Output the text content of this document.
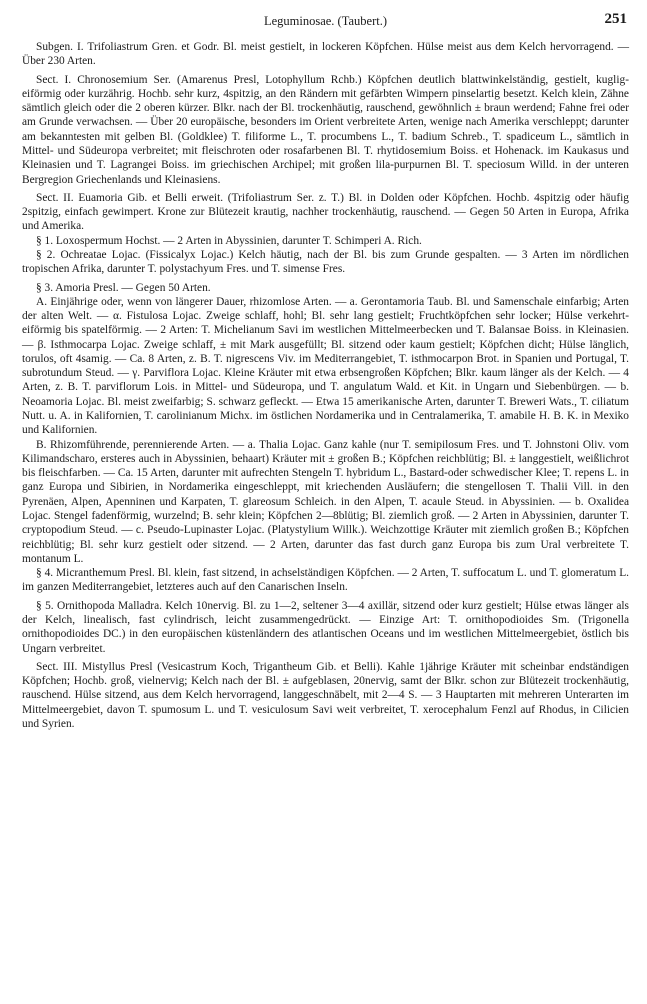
Leguminosae. (Taubert.)	251

Subgen. I. Trifoliastrum Gren. et Godr. Bl. meist gestielt, in lockeren Köpfchen. Hülse meist aus dem Kelch hervorragend. — Über 230 Arten.

Sect. I. Chronosemium Ser. (Amarenus Presl, Lotophyllum Rchb.) Köpfchen deutlich blattwinkelständig, gestielt, kuglig-eiförmig oder kurzährig. Hochb. sehr kurz, 4spitzig, an den Rändern mit gefärbten Wimpern pinselartig besetzt. Kelch klein, Zähne sämtlich gleich oder die 2 oberen kürzer. Blkr. nach der Bl. trockenhäutig, rauschend, gewöhnlich ± braun werdend; Fahne frei oder am Grunde verwachsen. — Über 20 europäische, besonders im Orient verbreitete Arten, wenige nach Amerika verschleppt; darunter am bekanntesten mit gelben Bl. (Goldklee) T. filiforme L., T. procumbens L., T. badium Schreb., T. spadiceum L., sämtlich in Mittel- und Südeuropa verbreitet; mit fleischroten oder rosafarbenen Bl. T. rhytidosemium Boiss. et Hohenack. im Kaukasus und Kleinasien und T. Lagrangei Boiss. im griechischen Archipel; mit großen lila-purpurnen Bl. T. speciosum Willd. in der unteren Bergregion Griechenlands und Kleinasiens.

Sect. II. Euamoria Gib. et Belli erweit. (Trifoliastrum Ser. z. T.) Bl. in Dolden oder Köpfchen. Hochb. 4spitzig oder häufig 2spitzig, einfach gewimpert. Krone zur Blütezeit krautig, nachher trockenhäutig, rauschend. — Gegen 50 Arten in Europa, Afrika und Amerika.

§ 1. Loxospermum Hochst. — 2 Arten in Abyssinien, darunter T. Schimperi A. Rich.

§ 2. Ochreatae Lojac. (Fissicalyx Lojac.) Kelch häutig, nach der Bl. bis zum Grunde gespalten. — 3 Arten im nördlichen tropischen Afrika, darunter T. polystachyum Fres. und T. simense Fres.

§ 3. Amoria Presl. — Gegen 50 Arten.

A. Einjährige oder, wenn von längerer Dauer, rhizomlose Arten. — a. Gerontamoria Taub. Bl. und Samenschale einfarbig; Arten der alten Welt. — α. Fistulosa Lojac. Zweige schlaff, hohl; Bl. sehr lang gestielt; Fruchtköpfchen sehr locker; Hülse verkehrt-eiförmig bis spatelförmig. — 2 Arten: T. Michelianum Savi im westlichen Mittelmeerbecken und T. Balansae Boiss. in Kleinasien. — β. Isthmocarpa Lojac. Zweige schlaff, ± mit Mark ausgefüllt; Bl. sitzend oder kaum gestielt; Köpfchen dicht; Hülse länglich, torulos, oft 4samig. — Ca. 8 Arten, z. B. T. nigrescens Viv. im Mediterrangebiet, T. isthmocarpon Brot. in Spanien und Portugal, T. subrotundum Steud. — γ. Parviflora Lojac. Kleine Kräuter mit etwa erbsengroßen Köpfchen; Blkr. kaum länger als der Kelch. — 4 Arten, z. B. T. parviflorum Lois. in Mittel- und Südeuropa, und T. angulatum Wald. et Kit. in Ungarn und Siebenbürgen. — b. Neoamoria Lojac. Bl. meist zweifarbig; S. schwarz gefleckt. — Etwa 15 amerikanische Arten, darunter T. Breweri Wats., T. ciliatum Nutt. u. A. in Kalifornien, T. carolinianum Michx. im östlichen Nordamerika und in Centralamerika, T. amabile H. B. K. in Mexiko und Kalifornien.

B. Rhizomführende, perennierende Arten. — a. Thalia Lojac. Ganz kahle (nur T. semipilosum Fres. und T. Johnstoni Oliv. vom Kilimandscharo, ersteres auch in Abyssinien, behaart) Kräuter mit ± großen B.; Köpfchen reichblütig; Bl. ± langgestielt, weißlichrot bis fleischfarben. — Ca. 15 Arten, darunter mit aufrechten Stengeln T. hybridum L., Bastard-oder schwedischer Klee; T. repens L. in ganz Europa und Sibirien, in Nordamerika eingeschleppt, mit kriechenden Ausläufern; die stengellosen T. Thalii Vill. in den Pyrenäen, Alpen, Apenninen und Karpaten, T. glareosum Schleich. in den Alpen, T. acaule Steud. in Abyssinien. — b. Oxalidea Lojac. Stengel fadenförmig, wurzelnd; B. sehr klein; Köpfchen 2—8blütig; Bl. ziemlich groß. — 2 Arten in Abyssinien, darunter T. cryptopodium Steud. — c. Pseudo-Lupinaster Lojac. (Platystylium Willk.). Weichzottige Kräuter mit ziemlich großen B.; Köpfchen reichblütig; Bl. sehr kurz gestielt oder sitzend. — 2 Arten, darunter das fast durch ganz Europa bis zum Ural verbreitete T. montanum L.

§ 4. Micranthemum Presl. Bl. klein, fast sitzend, in achselständigen Köpfchen. — 2 Arten, T. suffocatum L. und T. glomeratum L. im ganzen Mediterrangebiet, letzteres auch auf den Canarischen Inseln.

§ 5. Ornithopoda Malladra. Kelch 10nervig. Bl. zu 1—2, seltener 3—4 axillär, sitzend oder kurz gestielt; Hülse etwas länger als der Kelch, linealisch, fast cylindrisch, leicht zusammengedrückt. — Einzige Art: T. ornithopodioides Sm. (Trigonella ornithopodioides DC.) in den europäischen küstenländern des atlantischen Oceans und im westlichen Mittelmeergebiet, östlich bis Ungarn verbreitet.

Sect. III. Mistyllus Presl (Vesicastrum Koch, Trigantheum Gib. et Belli). Kahle 1jährige Kräuter mit scheinbar endständigen Köpfchen; Hochb. groß, vielnervig; Kelch nach der Bl. ± aufgeblasen, 20nervig, samt der Blkr. schon zur Blütezeit trockenhäutig, rauschend. Hülse sitzend, aus dem Kelch hervorragend, langgeschnäbelt, mit 2—4 S. — 3 Hauptarten mit mehreren Unterarten im Mittelmeergebiet, davon T. spumosum L. und T. vesiculosum Savi weit verbreitet, T. xerocephalum Fenzl auf Rhodus, in Cilicien und Syrien.
